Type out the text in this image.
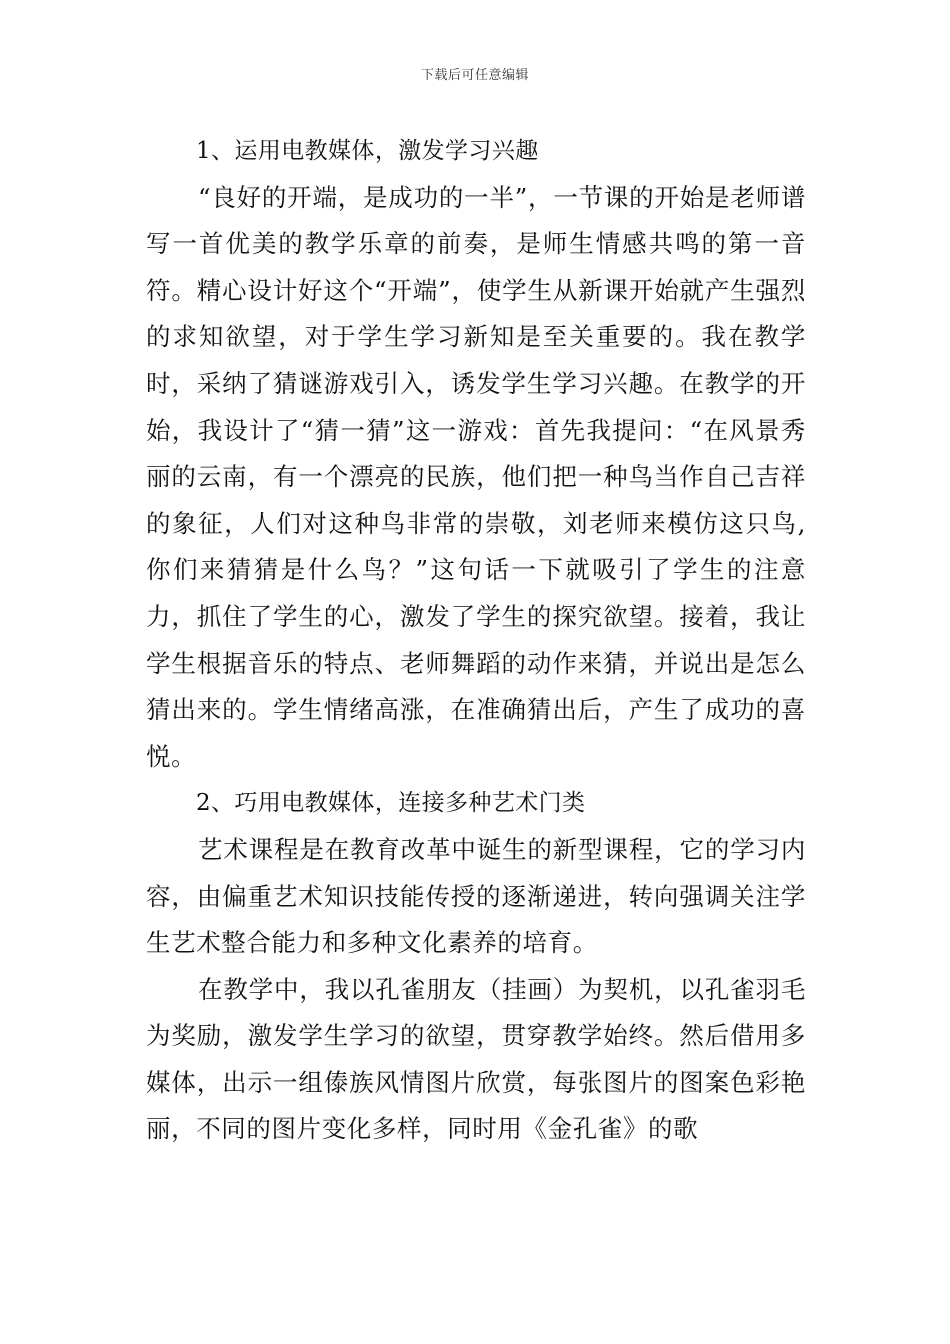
下载后可任意编辑

1、运用电教媒体，激发学习兴趣

“良好的开端，是成功的一半”，一节课的开始是老师谱写一首优美的教学乐章的前奏，是师生情感共鸣的第一音符。精心设计好这个“开端”，使学生从新课开始就产生强烈的求知欲望，对于学生学习新知是至关重要的。我在教学时，采纳了猜谜游戏引入，诱发学生学习兴趣。在教学的开始，我设计了“猜一猜”这一游戏：首先我提问：“在风景秀丽的云南，有一个漂亮的民族，他们把一种鸟当作自己吉祥的象征，人们对这种鸟非常的崇敬，刘老师来模仿这只鸟,你们来猜猜是什么鸟？”这句话一下就吸引了学生的注意力，抓住了学生的心，激发了学生的探究欲望。接着，我让学生根据音乐的特点、老师舞蹈的动作来猜，并说出是怎么猜出来的。学生情绪高涨，在准确猜出后，产生了成功的喜悦。

2、巧用电教媒体，连接多种艺术门类

艺术课程是在教育改革中诞生的新型课程，它的学习内容，由偏重艺术知识技能传授的逐渐递进，转向强调关注学生艺术整合能力和多种文化素养的培育。

在教学中，我以孔雀朋友（挂画）为契机，以孔雀羽毛为奖励，激发学生学习的欲望，贯穿教学始终。然后借用多媒体，出示一组傣族风情图片欣赏，每张图片的图案色彩艳丽，不同的图片变化多样，同时用《金孔雀》的歌
